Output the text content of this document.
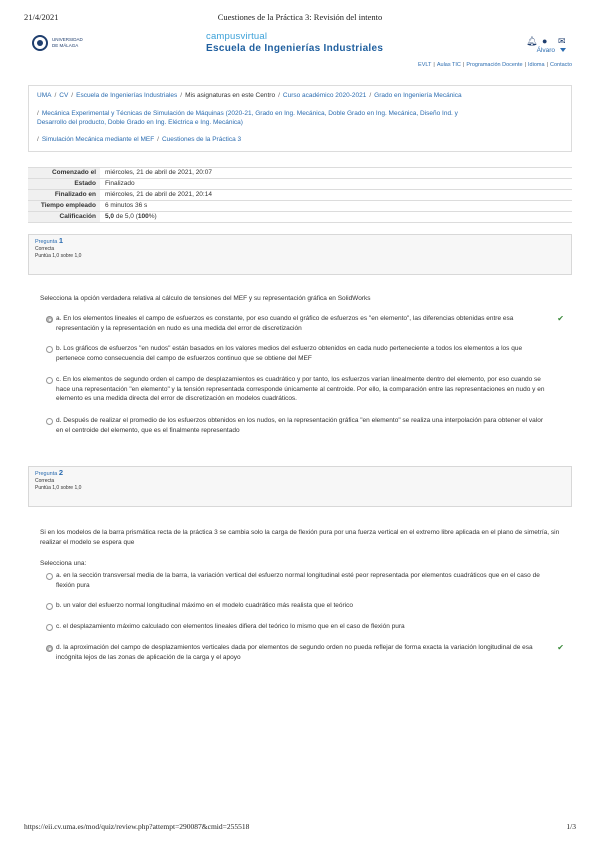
21/4/2021	Cuestiones de la Práctica 3: Revisión del intento
UNIVERSIDAD DE MÁLAGA
campusvirtual
Escuela de Ingenierías Industriales
🔔︎ ● ✉︎
Álvaro
EVLT | Aulas TIC | Programación Docente | Idioma | Contacto
UMA / CV / Escuela de Ingenierías Industriales / Mis asignaturas en este Centro / Curso académico 2020-2021 / Grado en Ingeniería Mecánica
/ Mecánica Experimental y Técnicas de Simulación de Máquinas (2020-21, Grado en Ing. Mecánica, Doble Grado en Ing. Mecánica, Diseño Ind. y
Desarrollo del producto, Doble Grado en Ing. Eléctrica e Ing. Mecánica)
/ Simulación Mecánica mediante el MEF / Cuestiones de la Práctica 3
Comenzado el	miércoles, 21 de abril de 2021, 20:07
Estado	Finalizado
Finalizado en	miércoles, 21 de abril de 2021, 20:14
Tiempo empleado	6 minutos 36 s
Calificación	5,0 de 5,0 (100%)
Pregunta 1
Correcta
Puntúa 1,0 sobre 1,0
Selecciona la opción verdadera relativa al cálculo de tensiones del MEF y su representación gráfica en SolidWorks
a. En los elementos lineales el campo de esfuerzos es constante, por eso cuando el gráfico de esfuerzos es "en elemento", las diferencias obtenidas entre esa representación y la representación en nudo es una medida del error de discretización
✔
b. Los gráficos de esfuerzos "en nudos" están basados en los valores medios del esfuerzo obtenidos en cada nudo perteneciente a todos los elementos a los que pertenece como consecuencia del campo de esfuerzos continuo que se obtiene del MEF
c. En los elementos de segundo orden el campo de desplazamientos es cuadrático y por tanto, los esfuerzos varían linealmente dentro del elemento, por eso cuando se hace una representación "en elemento" y la tensión representada corresponde únicamente al centroide. Por ello, la comparación entre las representaciones en nudo y en elemento es una medida directa del error de discretización en modelos cuadráticos.
d. Después de realizar el promedio de los esfuerzos obtenidos en los nudos, en la representación gráfica "en elemento" se realiza una interpolación para obtener el valor en el centroide del elemento, que es el finalmente representado
Pregunta 2
Correcta
Puntúa 1,0 sobre 1,0
Si en los modelos de la barra prismática recta de la práctica 3 se cambia solo la carga de flexión pura por una fuerza vertical en el extremo libre aplicada en el plano de simetría, sin realizar el modelo se espera que
Selecciona una:
a. en la sección transversal media de la barra, la variación vertical del esfuerzo normal longitudinal esté peor representada por elementos cuadráticos que en el caso de flexión pura
b. un valor del esfuerzo normal longitudinal máximo en el modelo cuadrático más realista que el teórico
c. el desplazamiento máximo calculado con elementos lineales difiera del teórico lo mismo que en el caso de flexión pura
d. la aproximación del campo de desplazamientos verticales dada por elementos de segundo orden no pueda reflejar de forma exacta la variación longitudinal de esa incógnita lejos de las zonas de aplicación de la carga y el apoyo
✔
https://eii.cv.uma.es/mod/quiz/review.php?attempt=290087&cmid=255518	1/3
